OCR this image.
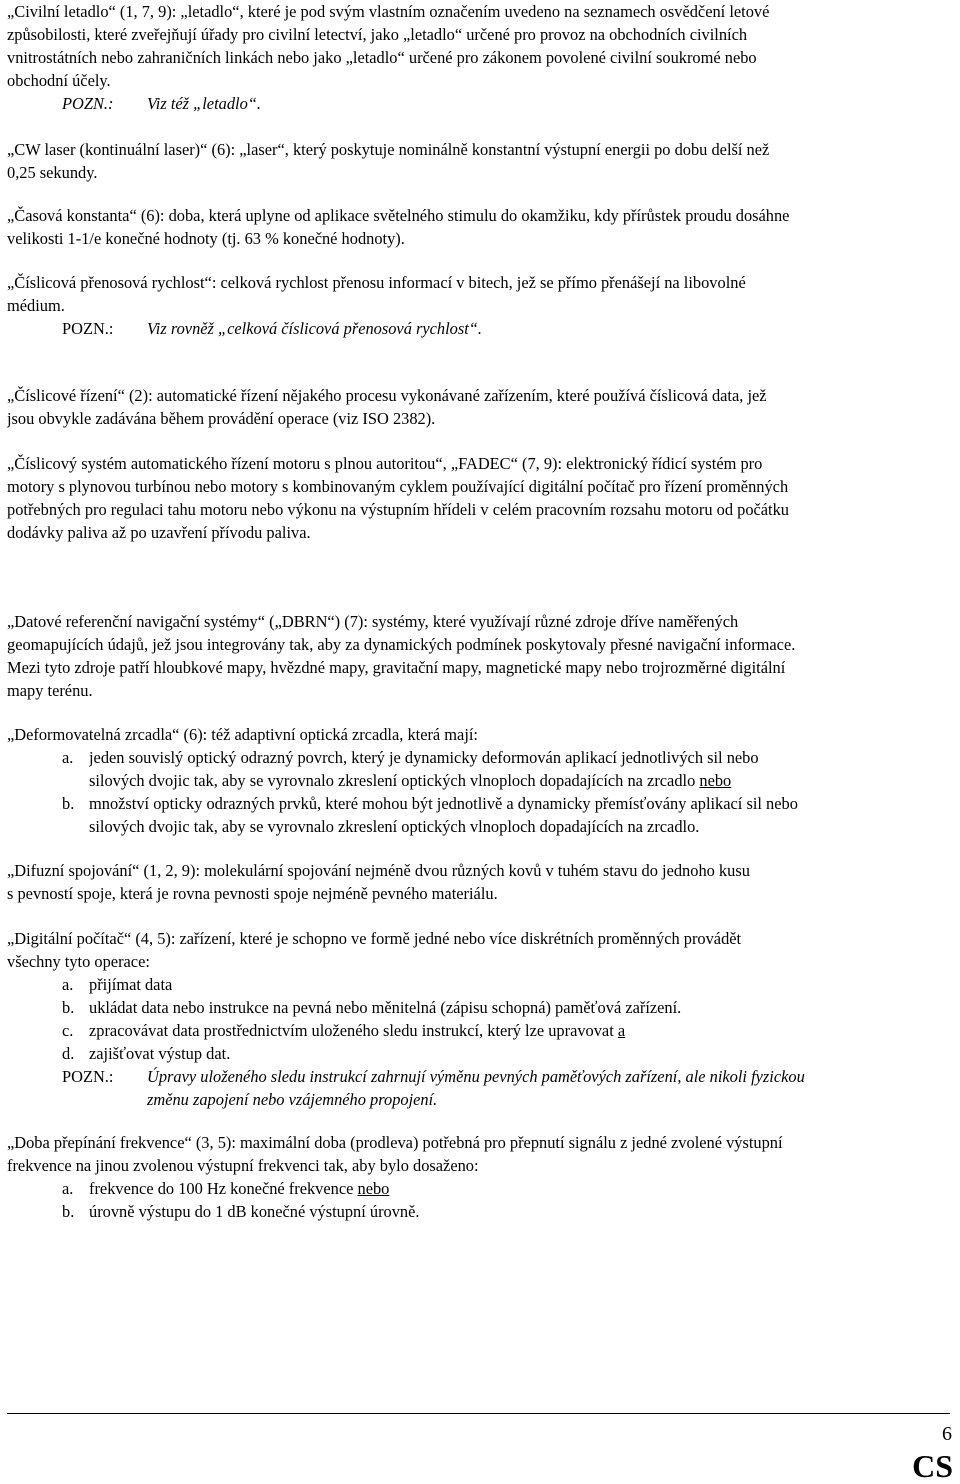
„Civilní letadlo“ (1, 7, 9): „letadlo“, které je pod svým vlastním označením uvedeno na seznamech osvědčení letové
způsobilosti, které zveřejňují úřady pro civilní letectví, jako „letadlo“ určené pro provoz na obchodních civilních
vnitrostátních nebo zahraničních linkách nebo jako „letadlo“ určené pro zákonem povolené civilní soukromé nebo
obchodní účely.
POZN.: Viz též „letadlo“.
„CW laser (kontinuální laser)“ (6): „laser“, který poskytuje nominálně konstantní výstupní energii po dobu delší než
0,25 sekundy.
„Časová konstanta“ (6): doba, která uplyne od aplikace světelného stimulu do okamžiku, kdy přírůstek proudu dosáhne
velikosti 1-1/e konečné hodnoty (tj. 63 % konečné hodnoty).
„Číslicová přenosová rychlost“: celková rychlost přenosu informací v bitech, jež se přímo přenášejí na libovolné
médium.
POZN.: Viz rovněž „celková číslicová přenosová rychlost“.
„Číslicové řízení“ (2): automatické řízení nějakého procesu vykonávané zařízením, které používá číslicová data, jež
jsou obvykle zadávána během provádění operace (viz ISO 2382).
„Číslicový systém automatického řízení motoru s plnou autoritou“, „FADEC“ (7, 9): elektronický řídicí systém pro
motory s plynovou turbínou nebo motory s kombinovaným cyklem používající digitální počítač pro řízení proměnných
potřebných pro regulaci tahu motoru nebo výkonu na výstupním hřídeli v celém pracovním rozsahu motoru od počátku
dodávky paliva až po uzavření přívodu paliva.
„Datové referenční navigační systémy“ („DBRN“) (7): systémy, které využívají různé zdroje dříve naměřených
geomapujících údajů, jež jsou integrovány tak, aby za dynamických podmínek poskytovaly přesné navigační informace.
Mezi tyto zdroje patří hloubkové mapy, hvězdné mapy, gravitační mapy, magnetické mapy nebo trojrozměrné digitální
mapy terénu.
„Deformovatelná zrcadla“ (6): též adaptivní optická zrcadla, která mají:
a. jeden souvislý optický odrazný povrch, který je dynamicky deformován aplikací jednotlivých sil nebo
silových dvojic tak, aby se vyrovnalo zkreslení optických vlnoploch dopadajících na zrcadlo nebo
b. množství opticky odrazných prvků, které mohou být jednotlivě a dynamicky přemísťovány aplikací sil nebo
silových dvojic tak, aby se vyrovnalo zkreslení optických vlnoploch dopadajících na zrcadlo.
„Difuzní spojování“ (1, 2, 9): molekulární spojování nejméně dvou různých kovů v tuhém stavu do jednoho kusu
s pevností spoje, která je rovna pevnosti spoje nejméně pevného materiálu.
„Digitální počítač“ (4, 5): zařízení, které je schopno ve formě jedné nebo více diskrétních proměnných provádět
všechny tyto operace:
a. přijímat data
b. ukládat data nebo instrukce na pevná nebo měnitelná (zápisu schopná) paměťová zařízení.
c. zpracovávat data prostřednictvím uloženého sledu instrukcí, který lze upravovat a
d. zajišťovat výstup dat.
POZN.: Úpravy uloženého sledu instrukcí zahrnují výměnu pevných paměťových zařízení, ale nikoli fyzickou
změnu zapojení nebo vzájemného propojení.
„Doba přepínání frekvence“ (3, 5): maximální doba (prodleva) potřebná pro přepnutí signálu z jedné zvolené výstupní
frekvence na jinou zvolenou výstupní frekvenci tak, aby bylo dosaženo:
a. frekvence do 100 Hz konečné frekvence nebo
b. úrovně výstupu do 1 dB konečné výstupní úrovně.
6
CS
